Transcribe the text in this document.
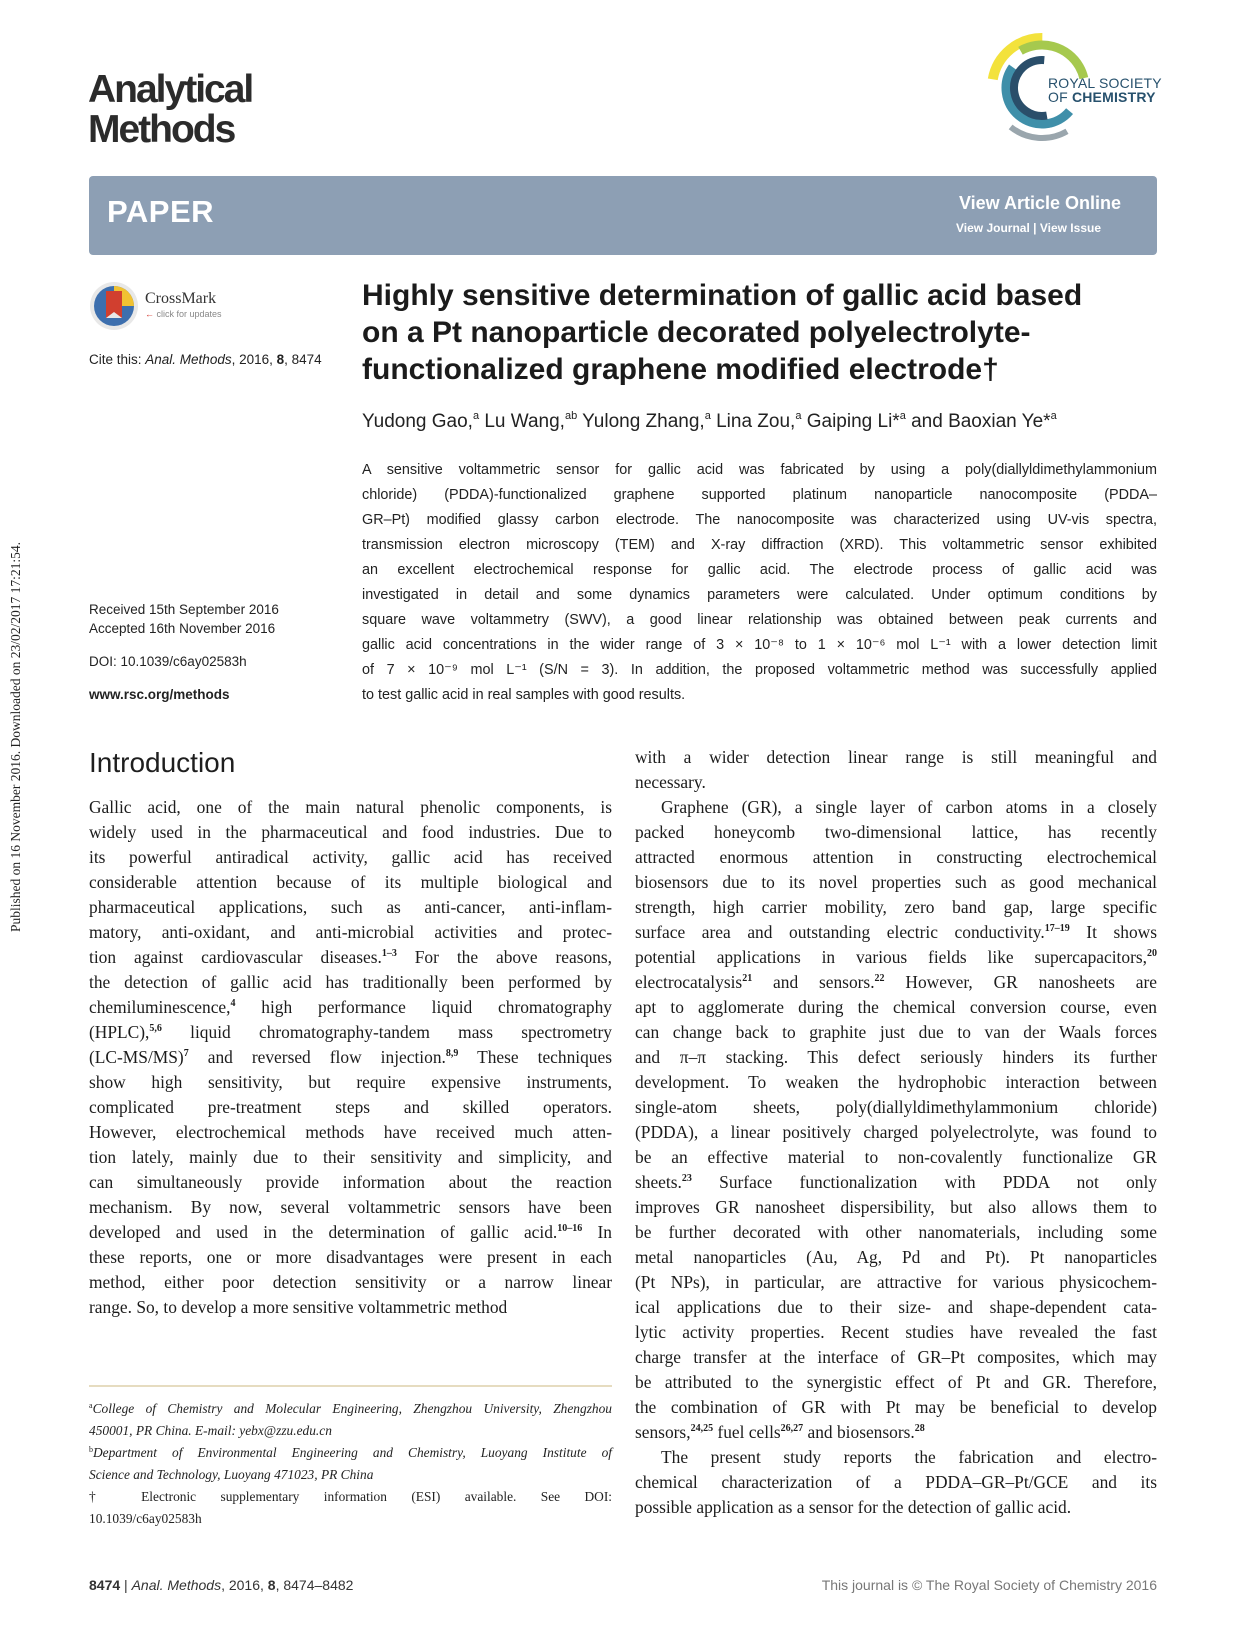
Published on 16 November 2016. Downloaded on 23/02/2017 17:21:54.
Analytical
Methods
ROYAL SOCIETY
OF CHEMISTRY
PAPER	View Article Online
View Journal | View Issue
CrossMark
← click for updates
Cite this: Anal. Methods, 2016, 8, 8474
Received 15th September 2016
Accepted 16th November 2016
DOI: 10.1039/c6ay02583h
www.rsc.org/methods
Highly sensitive determination of gallic acid based
on a Pt nanoparticle decorated polyelectrolyte-
functionalized graphene modified electrode†
Yudong Gao,$^a$ Lu Wang,$^{ab}$ Yulong Zhang,$^a$ Lina Zou,$^a$ Gaiping Li*$^a$ and Baoxian Ye*$^a$
A sensitive voltammetric sensor for gallic acid was fabricated by using a poly(diallyldimethylammonium
chloride) (PDDA)-functionalized graphene supported platinum nanoparticle nanocomposite (PDDA–
GR–Pt) modified glassy carbon electrode. The nanocomposite was characterized using UV-vis spectra,
transmission electron microscopy (TEM) and X-ray diffraction (XRD). This voltammetric sensor exhibited
an excellent electrochemical response for gallic acid. The electrode process of gallic acid was
investigated in detail and some dynamics parameters were calculated. Under optimum conditions by
square wave voltammetry (SWV), a good linear relationship was obtained between peak currents and
gallic acid concentrations in the wider range of 3 × 10⁻⁸ to 1 × 10⁻⁶ mol L⁻¹ with a lower detection limit
of 7 × 10⁻⁹ mol L⁻¹ (S/N = 3). In addition, the proposed voltammetric method was successfully applied
to test gallic acid in real samples with good results.
Introduction
Gallic acid, one of the main natural phenolic components, is
widely used in the pharmaceutical and food industries. Due to
its powerful antiradical activity, gallic acid has received
considerable attention because of its multiple biological and
pharmaceutical applications, such as anti-cancer, anti-inflam-
matory, anti-oxidant, and anti-microbial activities and protec-
tion against cardiovascular diseases.$^{1-3}$ For the above reasons,
the detection of gallic acid has traditionally been performed by
chemiluminescence,$^4$ high performance liquid chromatography
(HPLC),$^{5,6}$ liquid chromatography-tandem mass spectrometry
$(LC-MS/MS)^7$ and reversed flow injection.$^{8,9}$ These techniques
show high sensitivity, but require expensive instruments,
complicated pre-treatment steps and skilled operators.
However, electrochemical methods have received much atten-
tion lately, mainly due to their sensitivity and simplicity, and
can simultaneously provide information about the reaction
mechanism. By now, several voltammetric sensors have been
developed and used in the determination of gallic acid.$^{10-16}$ In
these reports, one or more disadvantages were present in each
method, either poor detection sensitivity or a narrow linear
range. So, to develop a more sensitive voltammetric method
with a wider detection linear range is still meaningful and
necessary.
Graphene (GR), a single layer of carbon atoms in a closely
packed honeycomb two-dimensional lattice, has recently
attracted enormous attention in constructing electrochemical
biosensors due to its novel properties such as good mechanical
strength, high carrier mobility, zero band gap, large specific
surface area and outstanding electric conductivity.$^{17-19}$ It shows
potential applications in various fields like supercapacitors,$^{20}$
electrocatalysis$^{21}$ and sensors.$^{22}$ However, GR nanosheets are
apt to agglomerate during the chemical conversion course, even
can change back to graphite just due to van der Waals forces
and π–π stacking. This defect seriously hinders its further
development. To weaken the hydrophobic interaction between
single-atom sheets, poly(diallyldimethylammonium chloride)
(PDDA), a linear positively charged polyelectrolyte, was found to
be an effective material to non-covalently functionalize GR
sheets.$^{23}$ Surface functionalization with PDDA not only
improves GR nanosheet dispersibility, but also allows them to
be further decorated with other nanomaterials, including some
metal nanoparticles (Au, Ag, Pd and Pt). Pt nanoparticles
(Pt NPs), in particular, are attractive for various physicochem-
ical applications due to their size- and shape-dependent cata-
lytic activity properties. Recent studies have revealed the fast
charge transfer at the interface of GR–Pt composites, which may
be attributed to the synergistic effect of Pt and GR. Therefore,
the combination of GR with Pt may be beneficial to develop
sensors,$^{24,25}$ fuel cells$^{26,27}$ and biosensors.$^{28}$
The present study reports the fabrication and electro-
chemical characterization of a PDDA–GR–Pt/GCE and its
possible application as a sensor for the detection of gallic acid.
$^a$College of Chemistry and Molecular Engineering, Zhengzhou University, Zhengzhou
450001, PR China. E-mail: yebx@zzu.edu.cn
$^b$Department of Environmental Engineering and Chemistry, Luoyang Institute of
Science and Technology, Luoyang 471023, PR China
† Electronic supplementary information (ESI) available. See DOI:
10.1039/c6ay02583h
8474 | Anal. Methods, 2016, 8, 8474–8482	This journal is © The Royal Society of Chemistry 2016
